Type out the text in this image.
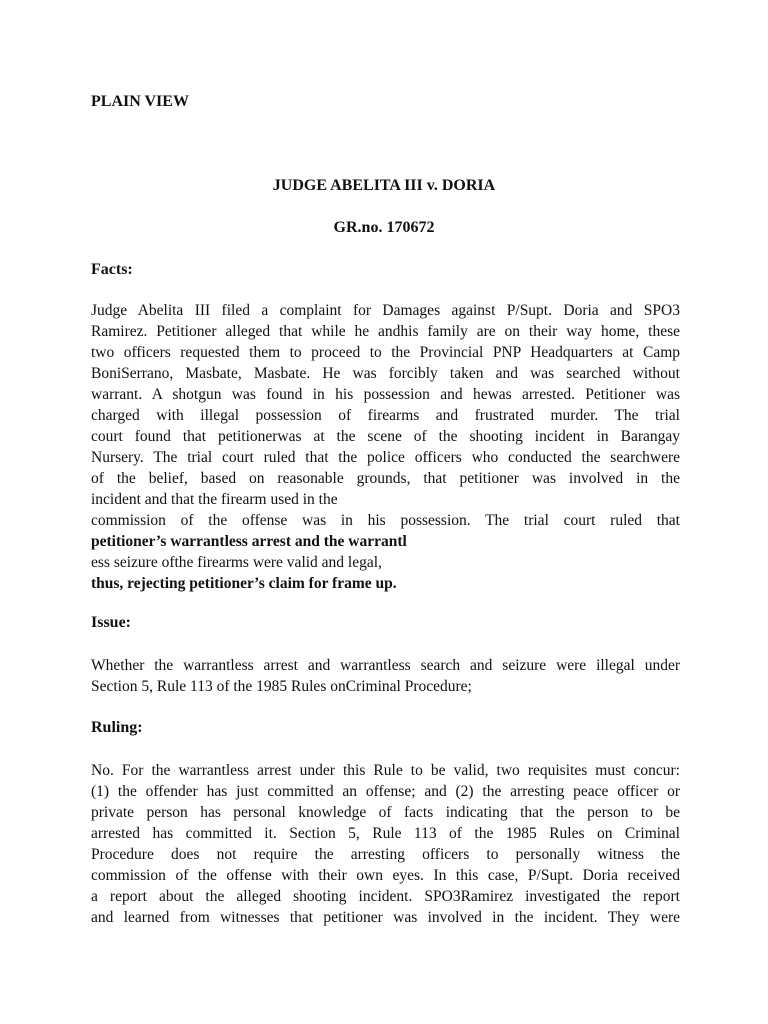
PLAIN VIEW
JUDGE ABELITA III v. DORIA
GR.no. 170672
Facts:
Judge Abelita III filed a complaint for Damages against P/Supt. Doria and SPO3
Ramirez. Petitioner alleged that while he andhis family are on their way home, these
two officers requested them to proceed to the Provincial PNP Headquarters at Camp
BoniSerrano, Masbate, Masbate. He was forcibly taken and was searched without
warrant. A shotgun was found in his possession and hewas arrested. Petitioner was
charged with illegal possession of firearms and frustrated murder. The trial
court found that petitionerwas at the scene of the shooting incident in Barangay
Nursery. The trial court ruled that the police officers who conducted the searchwere
of the belief, based on reasonable grounds, that petitioner was involved in the
incident and that the firearm used in the
commission of the offense was in his possession. The trial court ruled that
petitioner’s warrantless arrest and the warrantl
ess seizure ofthe firearms were valid and legal,
thus, rejecting petitioner’s claim for frame up.
Issue:
Whether the warrantless arrest and warrantless search and seizure were illegal under
Section 5, Rule 113 of the 1985 Rules onCriminal Procedure;
Ruling:
No. For the warrantless arrest under this Rule to be valid, two requisites must concur:
(1) the offender has just committed an offense; and (2) the arresting peace officer or
private person has personal knowledge of facts indicating that the person to be
arrested has committed it. Section 5, Rule 113 of the 1985 Rules on Criminal
Procedure does not require the arresting officers to personally witness the
commission of the offense with their own eyes. In this case, P/Supt. Doria received
a report about the alleged shooting incident. SPO3Ramirez investigated the report
and learned from witnesses that petitioner was involved in the incident. They were
